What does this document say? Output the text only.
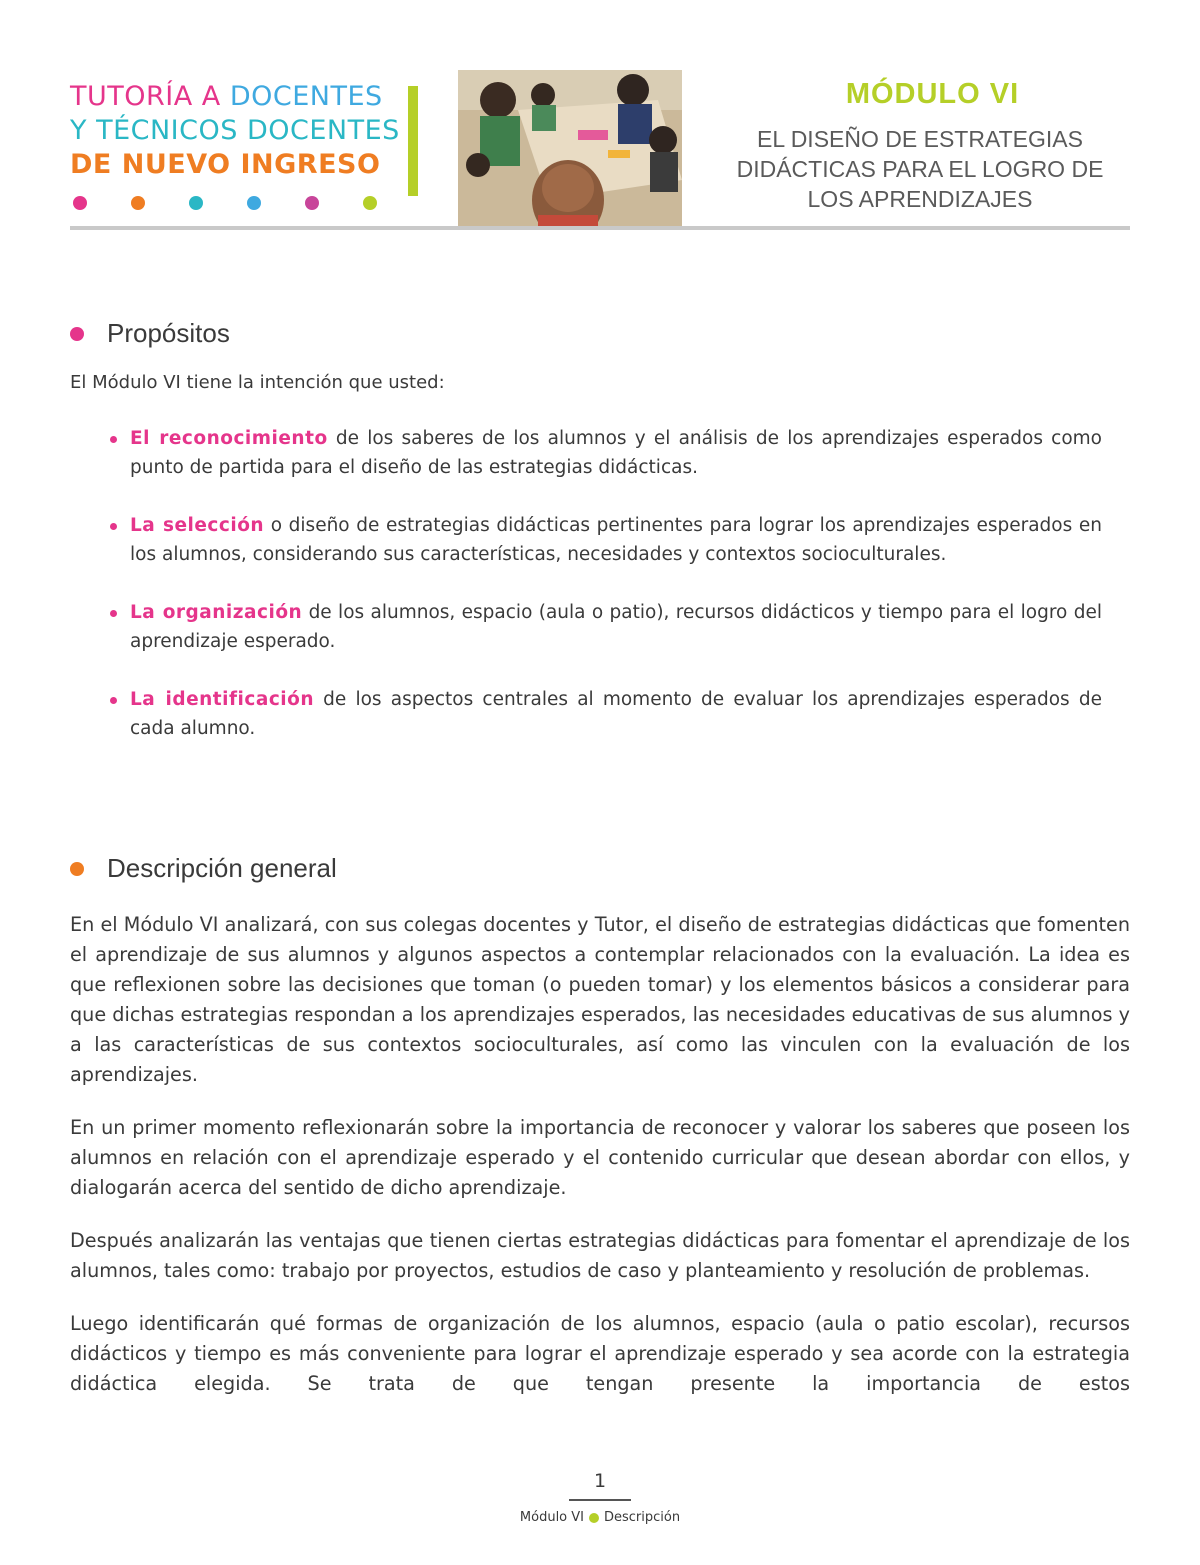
TUTORÍA A DOCENTES
Y TÉCNICOS DOCENTES
DE NUEVO INGRESO
MÓDULO VI
EL DISEÑO DE ESTRATEGIAS
DIDÁCTICAS PARA EL LOGRO DE
LOS APRENDIZAJES
Propósitos
El Módulo VI tiene la intención que usted:
El reconocimiento de los saberes de los alumnos y el análisis de los aprendizajes esperados como punto de partida para el diseño de las estrategias didácticas.
La selección o diseño de estrategias didácticas pertinentes para lograr los aprendizajes esperados en los alumnos, considerando sus características, necesidades y contextos socioculturales.
La organización de los alumnos, espacio (aula o patio), recursos didácticos y tiempo para el logro del aprendizaje esperado.
La identificación de los aspectos centrales al momento de evaluar los aprendizajes esperados de cada alumno.
Descripción general

En el Módulo VI analizará, con sus colegas docentes y Tutor, el diseño de estrategias didácticas que fomenten el aprendizaje de sus alumnos y algunos aspectos a contemplar relacionados con la evaluación. La idea es que reflexionen sobre las decisiones que toman (o pueden tomar) y los elementos básicos a considerar para que dichas estrategias respondan a los aprendizajes esperados, las necesidades educativas de sus alumnos y a las características de sus contextos socioculturales, así como las vinculen con la evaluación de los aprendizajes.

En un primer momento reflexionarán sobre la importancia de reconocer y valorar los saberes que poseen los alumnos en relación con el aprendizaje esperado y el contenido curricular que desean abordar con ellos, y dialogarán acerca del sentido de dicho aprendizaje.

Después analizarán las ventajas que tienen ciertas estrategias didácticas para fomentar el aprendizaje de los alumnos, tales como: trabajo por proyectos, estudios de caso y planteamiento y resolución de problemas.

Luego identificarán qué formas de organización de los alumnos, espacio (aula o patio escolar), recursos didácticos y tiempo es más conveniente para lograr el aprendizaje esperado y sea acorde con la estrategia didáctica elegida. Se trata de que tengan presente la importancia de estos

1
Módulo VI Descripción
